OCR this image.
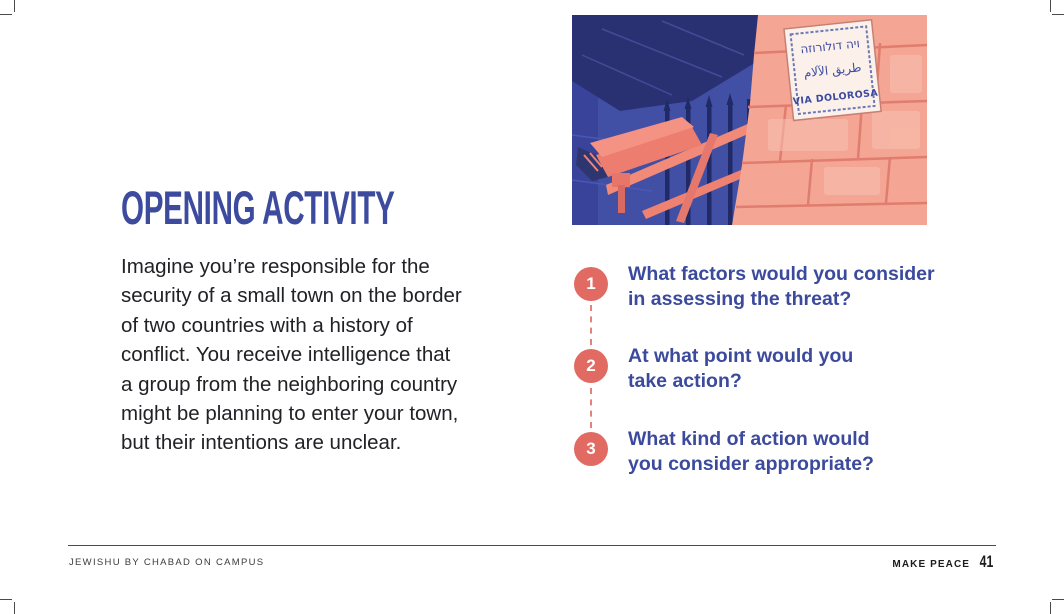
OPENING ACTIVITY
Imagine you’re responsible for the
security of a small town on the border
of two countries with a history of
conflict. You receive intelligence that
a group from the neighboring country
might be planning to enter your town,
but their intentions are unclear.
ויה דולורוזה
طريق الآلام
VIA DOLOROSA
1	What factors would you consider
in assessing the threat?
2	At what point would you
take action?
3	What kind of action would
you consider appropriate?
JEWISHU BY CHABAD ON CAMPUS	MAKE PEACE 41
